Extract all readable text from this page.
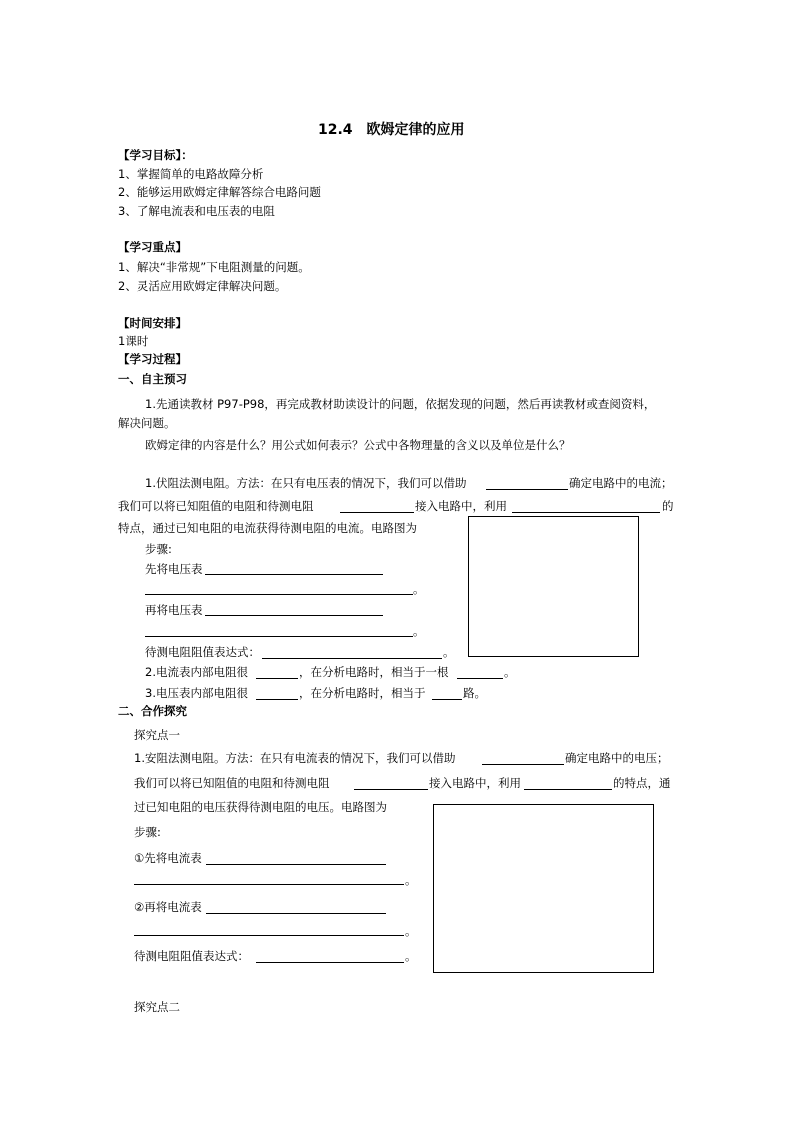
12.4　欧姆定律的应用
【学习目标】：
1、掌握简单的电路故障分析
2、能够运用欧姆定律解答综合电路问题
3、了解电流表和电压表的电阻
【学习重点】
1、解决“非常规”下电阻测量的问题。
2、灵活应用欧姆定律解决问题。
【时间安排】
1课时
【学习过程】
一、自主预习
1.先通读教材 P97-P98，再完成教材助读设计的问题，依据发现的问题，然后再读教材或查阅资料，
解决问题。
欧姆定律的内容是什么？用公式如何表示？公式中各物理量的含义以及单位是什么？
1.伏阻法测电阻。方法：在只有电压表的情况下，我们可以借助	确定电路中的电流；
我们可以将已知阻值的电阻和待测电阻	接入电路中，利用	的
特点，通过已知电阻的电流获得待测电阻的电流。电路图为
步骤:
先将电压表
。
再将电压表
。
待测电阻阻值表达式：	。
2.电流表内部电阻很	，在分析电路时，相当于一根	。
3.电压表内部电阻很	，在分析电路时，相当于	路。
二、合作探究
探究点一
1.安阻法测电阻。方法：在只有电流表的情况下，我们可以借助	确定电路中的电压；
我们可以将已知阻值的电阻和待测电阻	接入电路中，利用	的特点，通
过已知电阻的电压获得待测电阻的电压。电路图为
步骤:
①先将电流表
。
②再将电流表
。
待测电阻阻值表达式：	。
探究点二
